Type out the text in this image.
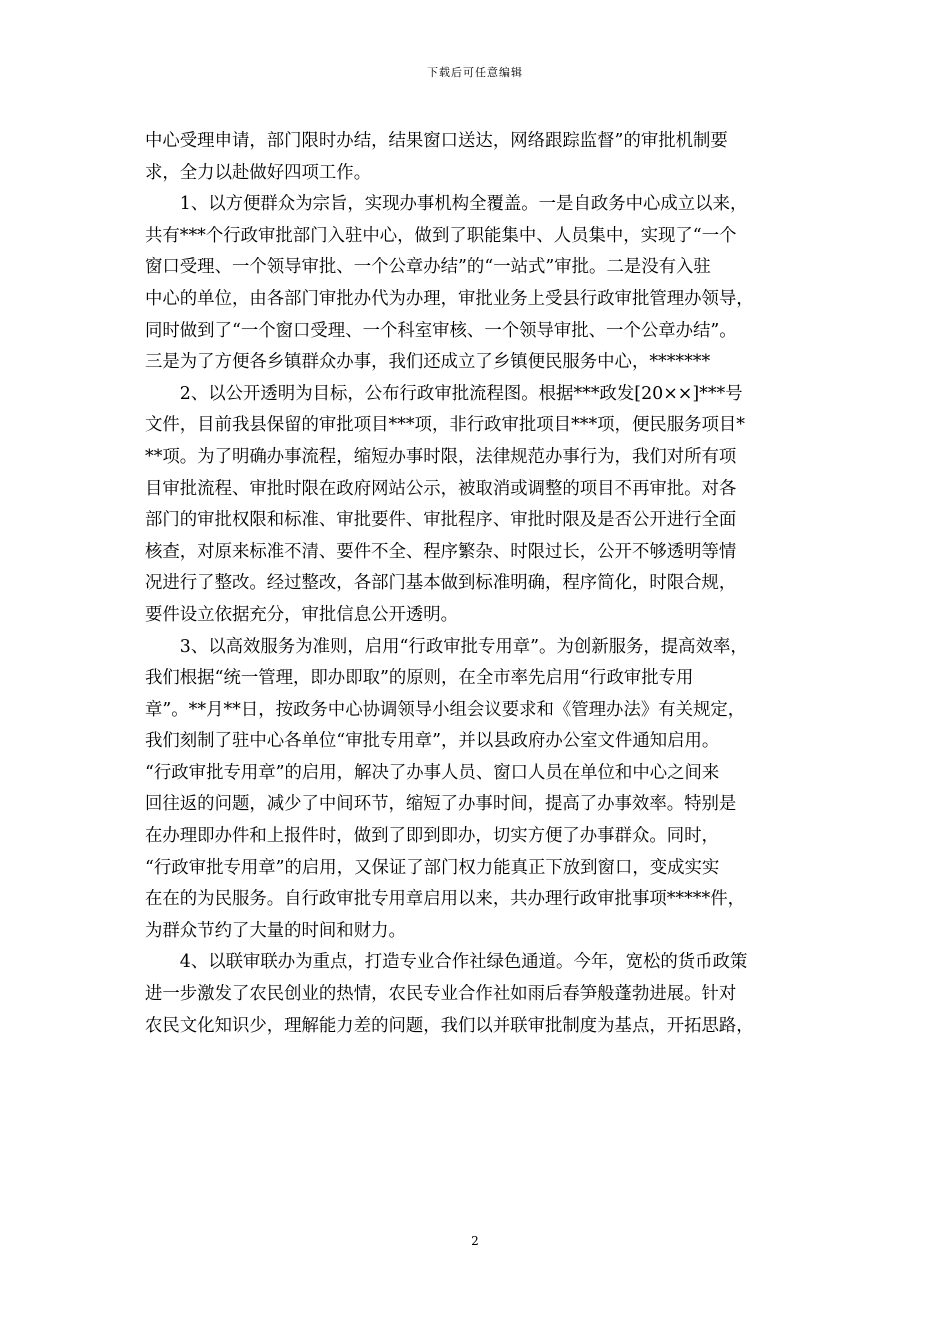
下载后可任意编辑
中心受理申请，部门限时办结，结果窗口送达，网络跟踪监督”的审批机制要
求，全力以赴做好四项工作。
　　1、以方便群众为宗旨，实现办事机构全覆盖。一是自政务中心成立以来，
共有***个行政审批部门入驻中心，做到了职能集中、人员集中，实现了“一个
窗口受理、一个领导审批、一个公章办结”的“一站式”审批。二是没有入驻
中心的单位，由各部门审批办代为办理，审批业务上受县行政审批管理办领导，
同时做到了“一个窗口受理、一个科室审核、一个领导审批、一个公章办结”。
三是为了方便各乡镇群众办事，我们还成立了乡镇便民服务中心，*******
　　2、以公开透明为目标，公布行政审批流程图。根据***政发[20××]***号
文件，目前我县保留的审批项目***项，非行政审批项目***项，便民服务项目*
**项。为了明确办事流程，缩短办事时限，法律规范办事行为，我们对所有项
目审批流程、审批时限在政府网站公示，被取消或调整的项目不再审批。对各
部门的审批权限和标准、审批要件、审批程序、审批时限及是否公开进行全面
核查，对原来标准不清、要件不全、程序繁杂、时限过长，公开不够透明等情
况进行了整改。经过整改，各部门基本做到标准明确，程序简化，时限合规，
要件设立依据充分，审批信息公开透明。
　　3、以高效服务为准则，启用“行政审批专用章”。为创新服务，提高效率，
我们根据“统一管理，即办即取”的原则，在全市率先启用“行政审批专用
章”。**月**日，按政务中心协调领导小组会议要求和《管理办法》有关规定，
我们刻制了驻中心各单位“审批专用章”，并以县政府办公室文件通知启用。
“行政审批专用章”的启用，解决了办事人员、窗口人员在单位和中心之间来
回往返的问题，减少了中间环节，缩短了办事时间，提高了办事效率。特别是
在办理即办件和上报件时，做到了即到即办，切实方便了办事群众。同时，
“行政审批专用章”的启用，又保证了部门权力能真正下放到窗口，变成实实
在在的为民服务。自行政审批专用章启用以来，共办理行政审批事项*****件，
为群众节约了大量的时间和财力。
　　4、以联审联办为重点，打造专业合作社绿色通道。今年，宽松的货币政策
进一步激发了农民创业的热情，农民专业合作社如雨后春笋般蓬勃进展。针对
农民文化知识少，理解能力差的问题，我们以并联审批制度为基点，开拓思路，
2
